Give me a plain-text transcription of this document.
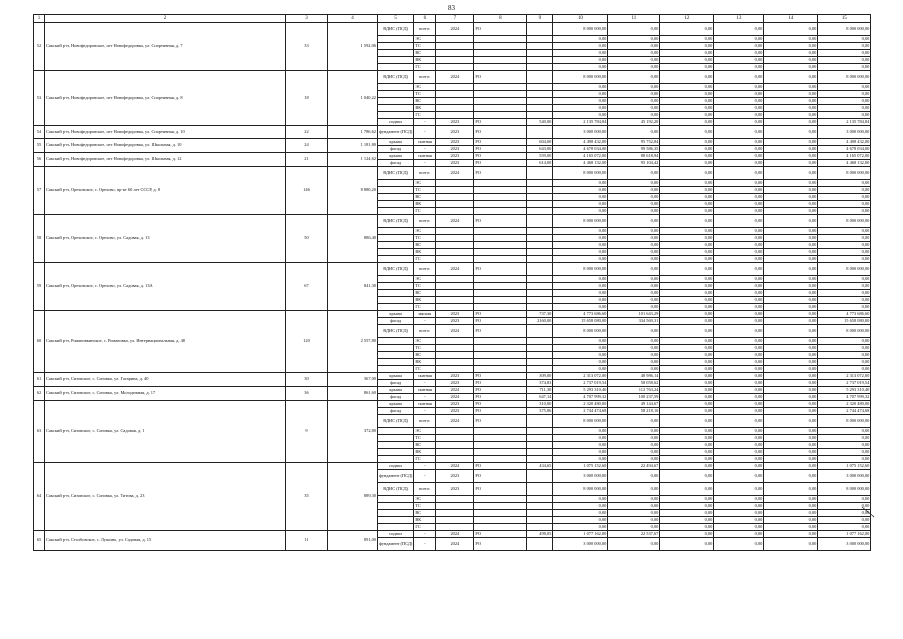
83
1	2	3	4	5	6	7	8	9	10	11	12	13	14	15
52	Сакский р-н, Новофедоровское, пгт Новофедоровка, ул. Спортивная, д. 7	33	1 592,06	ВДИС (ПСД)	всего:	2024	РО		8 000 000,00	0,00	0,00	0,00	0,00	8 000 000,00
					ЭС				0,00	0,00	0,00	0,00	0,00	0,00
					ТС				0,00	0,00	0,00	0,00	0,00	0,00
					ВС				0,00	0,00	0,00	0,00	0,00	0,00
					ВК				0,00	0,00	0,00	0,00	0,00	0,00
					ГС				0,00	0,00	0,00	0,00	0,00	0,00
53	Сакский р-н, Новофедоровское, пгт Новофедоровка, ул. Спортивная, д. 8	18	1 040,22	ВДИС (ПСД)	всего:	2024	РО		8 000 000,00	0,00	0,00	0,00	0,00	8 000 000,00
					ЭС				0,00	0,00	0,00	0,00	0,00	0,00
					ТС				0,00	0,00	0,00	0,00	0,00	0,00
					ВС				0,00	0,00	0,00	0,00	0,00	0,00
					ВК				0,00	0,00	0,00	0,00	0,00	0,00
					ГС				0,00	0,00	0,00	0,00	0,00	0,00
				подвал	-	2023	РО	540,00	2 135 784,84	45 192,20	0,00	0,00	0,00	2 135 784,84
54	Сакский р-н, Новофедоровское, пгт Новофедоровка, ул. Спортивная, д. 10	22	1 786,62	фундамент (ПСД)	-	2023	РО		3 000 000,00	0,00	0,00	0,00	0,00	3 000 000,00
55	Сакский р-н, Новофедоровское, пгт Новофедоровка, ул. Школьная, д. 10	24	1 181,80	крыша	скатная	2023	РО	604,00	4 498 432,00	95 752,84	0,00	0,00	0,00	4 498 432,00
				фасад	-	2023	РО	643,00	4 678 034,00	99 586,35	0,00	0,00	0,00	4 678 034,00
56	Сакский р-н, Новофедоровское, пгт Новофедоровка, ул. Школьная, д. 12	21	1 124,62	крыша	скатная	2023	РО	559,00	4 165 072,00	88 618,94	0,00	0,00	0,00	4 165 072,00
				фасад	-	2023	РО	614,00	4 468 132,00	95 104,42	0,00	0,00	0,00	4 468 132,00
57	Сакский р-н, Ореховское, с. Орехово, пр-кт 60 лет СССР, д. 8	146	8 880,20	ВДИС (ПСД)	всего:	2024	РО		8 000 000,00	0,00	0,00	0,00	0,00	8 000 000,00
					ЭС				0,00	0,00	0,00	0,00	0,00	0,00
					ТС				0,00	0,00	0,00	0,00	0,00	0,00
					ВС				0,00	0,00	0,00	0,00	0,00	0,00
					ВК				0,00	0,00	0,00	0,00	0,00	0,00
					ГС				0,00	0,00	0,00	0,00	0,00	0,00
58	Сакский р-н, Ореховское, с. Орехово, ул. Садовая, д. 13	50	886,40	ВДИС (ПСД)	всего:	2024	РО		8 000 000,00	0,00	0,00	0,00	0,00	8 000 000,00
					ЭС				0,00	0,00	0,00	0,00	0,00	0,00
					ТС				0,00	0,00	0,00	0,00	0,00	0,00
					ВС				0,00	0,00	0,00	0,00	0,00	0,00
					ВК				0,00	0,00	0,00	0,00	0,00	0,00
					ГС				0,00	0,00	0,00	0,00	0,00	0,00
59	Сакский р-н, Ореховское, с. Орехово, ул. Садовая, д. 13А	67	841,30	ВДИС (ПСД)	всего:	2024	РО		8 000 000,00	0,00	0,00	0,00	0,00	8 000 000,00
					ЭС				0,00	0,00	0,00	0,00	0,00	0,00
					ТС				0,00	0,00	0,00	0,00	0,00	0,00
					ВС				0,00	0,00	0,00	0,00	0,00	0,00
					ВК				0,00	0,00	0,00	0,00	0,00	0,00
					ГС				0,00	0,00	0,00	0,00	0,00	0,00
60	Сакский р-н, Романовкинское, с. Романовка, ул. Интернациональная, д. 48	120	2 557,80	крыша	мягкая	2023	РО	737,30	4 773 686,60	101 643,29	0,00	0,00	0,00	4 773 686,60
				фасад	-	2023	РО	2160,00	15 658 080,00	334 569,31	0,00	0,00	0,00	15 658 080,00
				ВДИС (ПСД)	всего:	2024	РО		8 000 000,00	0,00	0,00	0,00	0,00	8 000 000,00
					ЭС				0,00	0,00	0,00	0,00	0,00	0,00
					ТС				0,00	0,00	0,00	0,00	0,00	0,00
					ВС				0,00	0,00	0,00	0,00	0,00	0,00
					ВК				0,00	0,00	0,00	0,00	0,00	0,00
					ГС				0,00	0,00	0,00	0,00	0,00	0,00
61	Сакский р-н, Сизовское, с. Сизовка, ул. Гагарина, д. 40	30	367,00	крыша	скатная	2023	РО	309,00	2 313 072,00	48 986,14	0,00	0,00	0,00	2 313 072,00
				фасад	-	2023	РО	374,83	2 737 019,54	58 058,62	0,00	0,00	0,00	2 737 019,54
62	Сакский р-н, Сизовское, с. Сизовка, ул. Молодежная, д. 17	36	861,60	крыша	скатная	2024	РО	711,30	5 293 310,40	112 763,24	0,00	0,00	0,00	5 293 310,40
				фасад	-	2024	РО	647,14	4 707 999,32	100 237,59	0,00	0,00	0,00	4 707 999,32
63	Сакский р-н, Сизовское, с. Сизовка, ул. Садовая, д. 1	9	372,80	крыша	скатная	2023	РО	310,00	2 320 480,00	49 144,67	0,00	0,00	0,00	2 320 480,00
				фасад	-	2023	РО	375,86	2 744 474,68	58 218,16	0,00	0,00	0,00	2 744 474,68
				ВДИС (ПСД)	всего:	2024	РО		8 000 000,00	0,00	0,00	0,00	0,00	8 000 000,00
					ЭС				0,00	0,00	0,00	0,00	0,00	0,00
					ТС				0,00	0,00	0,00	0,00	0,00	0,00
					ВС				0,00	0,00	0,00	0,00	0,00	0,00
					ВК				0,00	0,00	0,00	0,00	0,00	0,00
					ГС				0,00	0,00	0,00	0,00	0,00	0,00
64	Сакский р-н, Сизовское, с. Сизовка, ул. Титова, д. 23	35	889,30	подвал	-	2024	РО	434,65	1 075 152,60	22 494,67	0,00	0,00	0,00	1 075 152,60
				фундамент (ПСД)	-	2023	РО		3 000 000,00	0,00	0,00	0,00	0,00	3 000 000,00
				ВДИС (ПСД)	всего:	2023	РО		8 000 000,00	0,00	0,00	0,00	0,00	8 000 000,00
					ЭС				0,00	0,00	0,00	0,00	0,00	0,00
					ТС				0,00	0,00	0,00	0,00	0,00	0,00
					ВС				0,00	0,00	0,00	0,00	0,00	0,00
					ВК				0,00	0,00	0,00	0,00	0,00	0,00
					ГС				0,00	0,00	0,00	0,00	0,00	0,00
65	Сакский р-н, Столбовское, с. Лушино, ул. Садовая, д. 15	11	891,00	подвал	-	2024	РО	498,05	1 077 162,00	22 537,67	0,00	0,00	0,00	1 077 162,00
				фундамент (ПСД)	-	2024	РО		3 000 000,00	0,00	0,00	0,00	0,00	3 000 000,00
